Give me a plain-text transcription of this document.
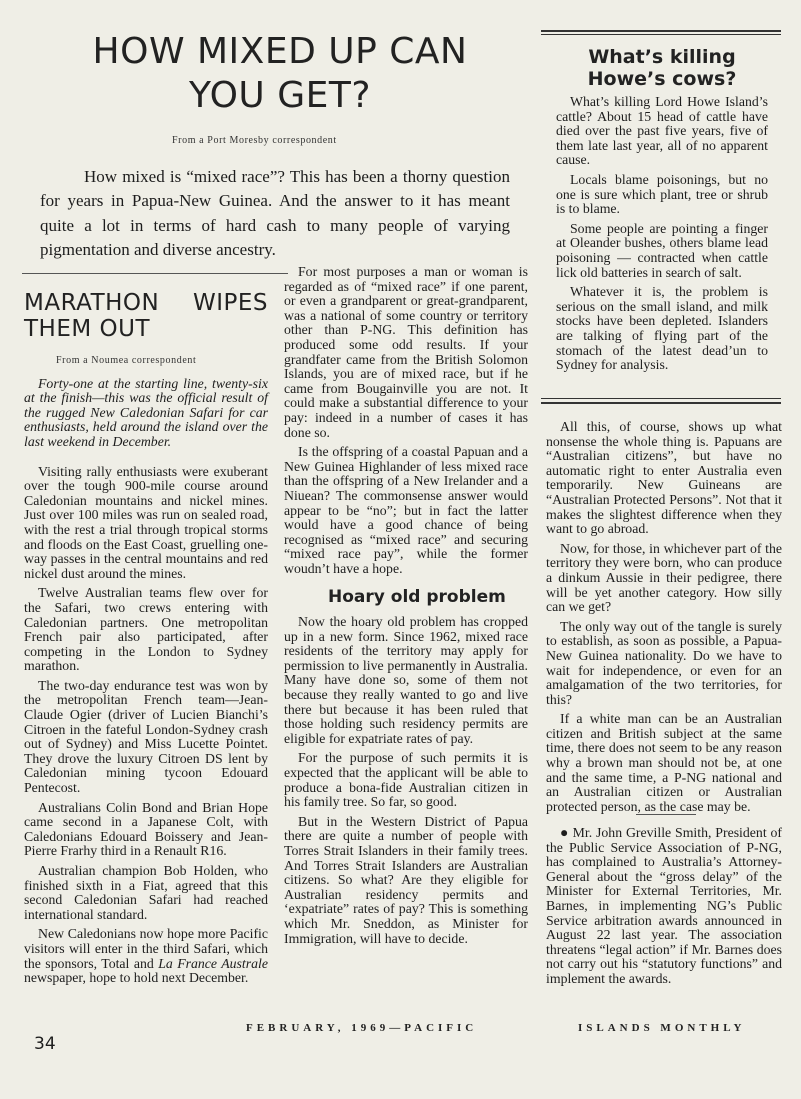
HOW MIXED UP CAN
YOU GET?
From a Port Moresby correspondent
How mixed is “mixed race”? This has been a thorny question for years in Papua-New Guinea. And the answer to it has meant quite a lot in terms of hard cash to many people of varying pigmentation and diverse ancestry.
MARATHON WIPES
THEM OUT
From a Noumea correspondent

Forty-one at the starting line, twenty-six at the finish—this was the official result of the rugged New Caledonian Safari for car enthusiasts, held around the island over the last weekend in December.

Visiting rally enthusiasts were exuberant over the tough 900-mile course around Caledonian mountains and nickel mines. Just over 100 miles was run on sealed road, with the rest a trial through tropical storms and floods on the East Coast, gruelling one-way passes in the central mountains and red nickel dust around the mines.

Twelve Australian teams flew over for the Safari, two crews entering with Caledonian partners. One metropolitan French pair also participated, after competing in the London to Sydney marathon.

The two-day endurance test was won by the metropolitan French team—Jean-Claude Ogier (driver of Lucien Bianchi’s Citroen in the fateful London-Sydney crash out of Sydney) and Miss Lucette Pointet. They drove the luxury Citroen DS lent by Caledonian mining tycoon Edouard Pentecost.

Australians Colin Bond and Brian Hope came second in a Japanese Colt, with Caledonians Edouard Boissery and Jean-Pierre Frarhy third in a Renault R16.

Australian champion Bob Holden, who finished sixth in a Fiat, agreed that this second Caledonian Safari had reached international standard.

New Caledonians now hope more Pacific visitors will enter in the third Safari, which the sponsors, Total and La France Australe newspaper, hope to hold next December.

For most purposes a man or woman is regarded as of “mixed race” if one parent, or even a grandparent or great-grandparent, was a national of some country or territory other than P-NG. This definition has produced some odd results. If your grandfater came from the British Solomon Islands, you are of mixed race, but if he came from Bougainville you are not. It could make a substantial difference to your pay: indeed in a number of cases it has done so.

Is the offspring of a coastal Papuan and a New Guinea Highlander of less mixed race than the offspring of a New Irelander and a Niuean? The commonsense answer would appear to be “no”; but in fact the latter would have a good chance of being recognised as “mixed race” and securing “mixed race pay”, while the former woudn’t have a hope.

Hoary old problem

Now the hoary old problem has cropped up in a new form. Since 1962, mixed race residents of the territory may apply for permission to live permanently in Australia. Many have done so, some of them not because they really wanted to go and live there but because it has been ruled that those holding such residency permits are eligible for expatriate rates of pay.

For the purpose of such permits it is expected that the applicant will be able to produce a bona-fide Australian citizen in his family tree. So far, so good.

But in the Western District of Papua there are quite a number of people with Torres Strait Islanders in their family trees. And Torres Strait Islanders are Australian citizens. So what? Are they eligible for Australian residency permits and ‘expatriate” rates of pay? This is something which Mr. Sneddon, as Minister for Immigration, will have to decide.

What’s killing
Howe’s cows?

What’s killing Lord Howe Island’s cattle? About 15 head of cattle have died over the past five years, five of them late last year, all of no apparent cause.

Locals blame poisonings, but no one is sure which plant, tree or shrub is to blame.

Some people are pointing a finger at Oleander bushes, others blame lead poisoning — contracted when cattle lick old batteries in search of salt.

Whatever it is, the problem is serious on the small island, and milk stocks have been depleted. Islanders are talking of flying part of the stomach of the latest dead’un to Sydney for analysis.

All this, of course, shows up what nonsense the whole thing is. Papuans are “Australian citizens”, but have no automatic right to enter Australia even temporarily. New Guineans are “Australian Protected Persons”. Not that it makes the slightest difference when they want to go abroad.

Now, for those, in whichever part of the territory they were born, who can produce a dinkum Aussie in their pedigree, there will be yet another category. How silly can we get?

The only way out of the tangle is surely to establish, as soon as possible, a Papua-New Guinea nationality. Do we have to wait for independence, or even for an amalgamation of the two territories, for this?

If a white man can be an Australian citizen and British subject at the same time, there does not seem to be any reason why a brown man should not be, at one and the same time, a P-NG national and an Australian citizen or Australian protected person, as the case may be.

● Mr. John Greville Smith, President of the Public Service Association of P-NG, has complained to Australia’s Attorney-General about the “gross delay” of the Minister for External Territories, Mr. Barnes, in implementing NG’s Public Service arbitration awards announced in August 22 last year. The association threatens “legal action” if Mr. Barnes does not carry out his “statutory functions” and implement the awards.

34
FEBRUARY, 1969—PACIFIC	ISLANDS MONTHLY
